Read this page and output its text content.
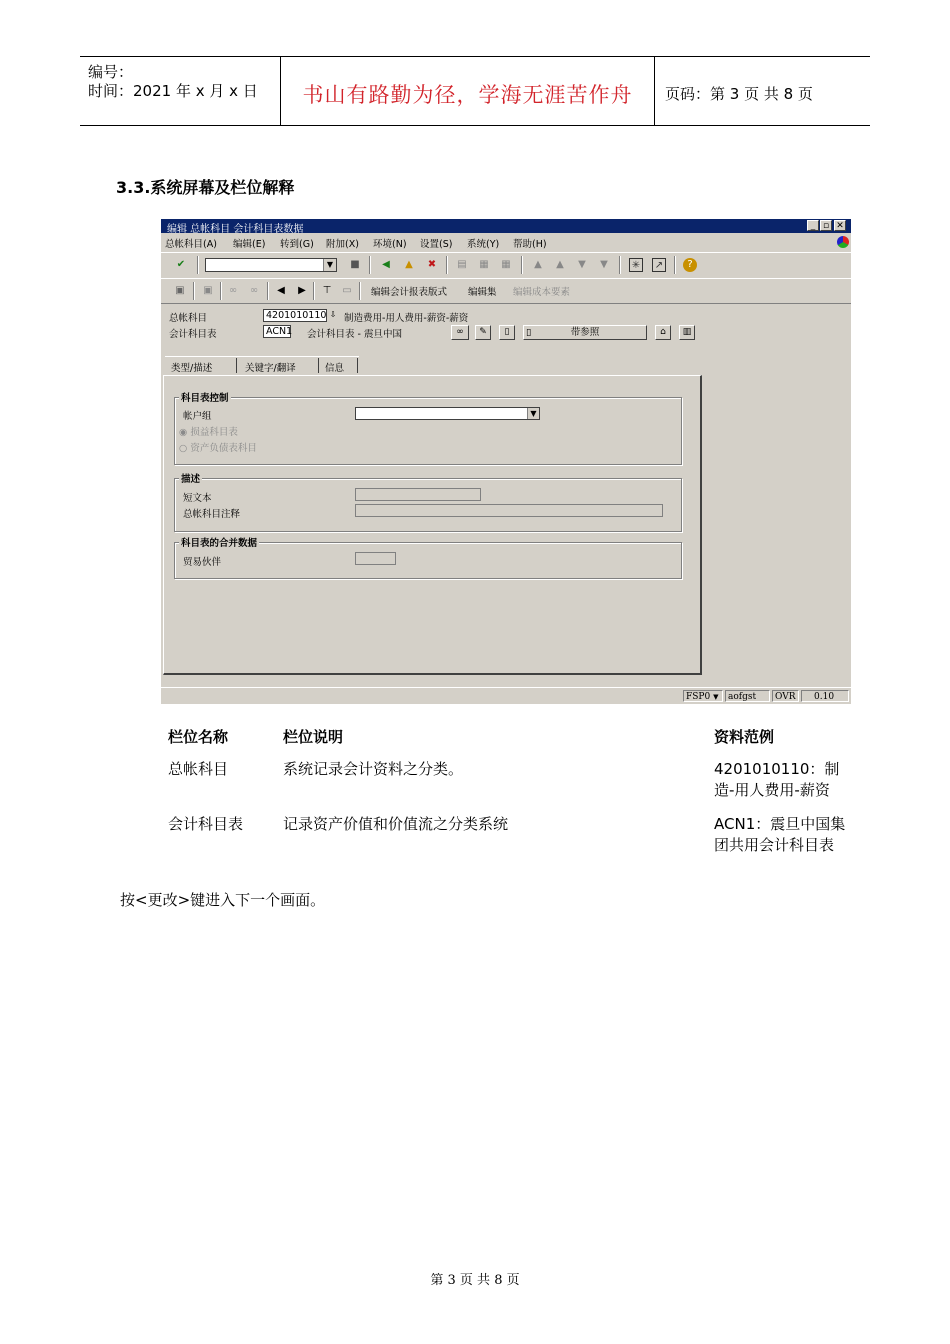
编号：
时间：2021 年 x 月 x 日	书山有路勤为径，学海无涯苦作舟	页码：第 3 页 共 8 页
3.3.系统屏幕及栏位解释
编辑 总帐科目 会计科目表数据	_ ▫ ✕
总帐科目(A) 编辑(E) 转到(G) 附加(X) 环境(N) 设置(S) 系统(Y) 帮助(H)
✔	▼ ■	◀	▲	✖ ▤ ▦ ▦	▲	▲	▼	▼	✳ ↗	?
▣ ▣ ∞ ∞	◀	▶	⊤ ▭ 编辑会计报表版式 编辑集 编辑成本要素
总帐科目	4201010110 ⇩ 制造费用-用人费用-薪资-薪资
会计科目表	ACN1 会计科目表 - 震旦中国	∞	✎	▯	▯	带参照	⌂	▥
类型/描述	关键字/翻译	信息
科目表控制
帐户组	▼
◉ 损益科目表
○ 资产负债表科目
描述
短文本
总帐科目注释
科目表的合并数据
贸易伙伴
FSP0 ▼	aofgst	OVR	0.10
栏位名称	栏位说明	资料范例
总帐科目	系统记录会计资料之分类。	4201010110：制造-用人费用-薪资
会计科目表	记录资产价值和价值流之分类系统	ACN1：震旦中国集团共用会计科目表
按<更改>键进入下一个画面。
第 3 页 共 8 页
